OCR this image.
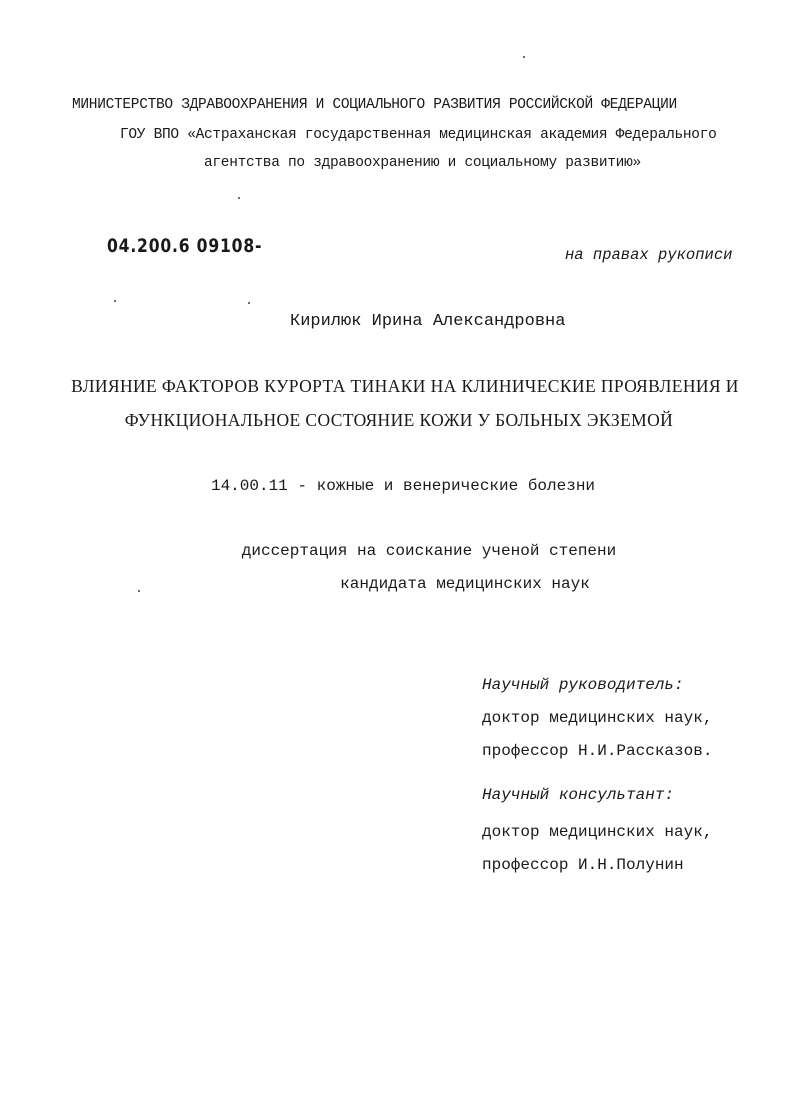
МИНИСТЕРСТВО ЗДРАВООХРАНЕНИЯ И СОЦИАЛЬНОГО РАЗВИТИЯ РОССИЙСКОЙ ФЕДЕРАЦИИ

ГОУ ВПО «Астраханская государственная медицинская академия Федерального

агентства по здравоохранению и социальному развитию»

04.200.6 09108‐	на правах рукописи

Кирилюк Ирина Александровна

ВЛИЯНИЕ ФАКТОРОВ КУРОРТА ТИНАКИ НА КЛИНИЧЕСКИЕ ПРОЯВЛЕНИЯ И

ФУНКЦИОНАЛЬНОЕ СОСТОЯНИЕ КОЖИ У БОЛЬНЫХ ЭКЗЕМОЙ

14.00.11 - кожные и венерические болезни

диссертация на соискание ученой степени

кандидата медицинских наук

Научный руководитель:

доктор медицинских наук,

профессор Н.И.Рассказов.

Научный консультант:

доктор медицинских наук,

профессор И.Н.Полунин
